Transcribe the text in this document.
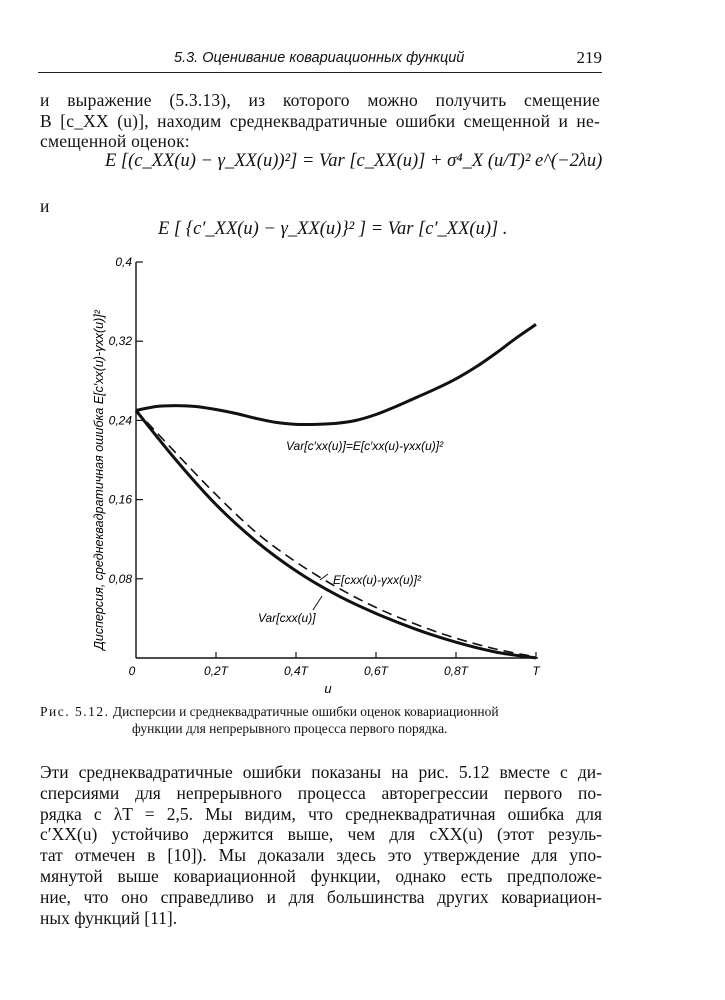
5.3. Оценивание ковариационных функций	219
и выражение (5.3.13), из которого можно получить смещение
B [c_XX (u)], находим среднеквадратичные ошибки смещенной и не-
смещенной оценок:
E [(c_XX(u) − γ_XX(u))²] = Var [c_XX(u)] + σ⁴_X (u/T)² e^(−2λu)
и
E [ {c′_XX(u) − γ_XX(u)}² ] = Var [c′_XX(u)] .
0,08
0,16
0,24
0,32
0,4
0	0,2T	0,4T	0,6T	0,8T	T
Var[c′xx(u)]=E[c′xx(u)-γxx(u)]²
E[cxx(u)-γxx(u)]²
Var[cxx(u)]
u
Дисперсия, среднеквадратичная ошибка E[c′xx(u)-γxx(u)]²
Рис. 5.12. Дисперсии и среднеквадратичные ошибки оценок ковариационной
функции для непрерывного процесса первого порядка.
Эти среднеквадратичные ошибки показаны на рис. 5.12 вместе с ди-
сперсиями для непрерывного процесса авторегрессии первого по-
рядка с λT = 2,5. Мы видим, что среднеквадратичная ошибка для
c′XX(u) устойчиво держится выше, чем для cXX(u) (этот резуль-
тат отмечен в [10]). Мы доказали здесь это утверждение для упо-
мянутой выше ковариационной функции, однако есть предположе-
ние, что оно справедливо и для большинства других ковариацион-
ных функций [11].
